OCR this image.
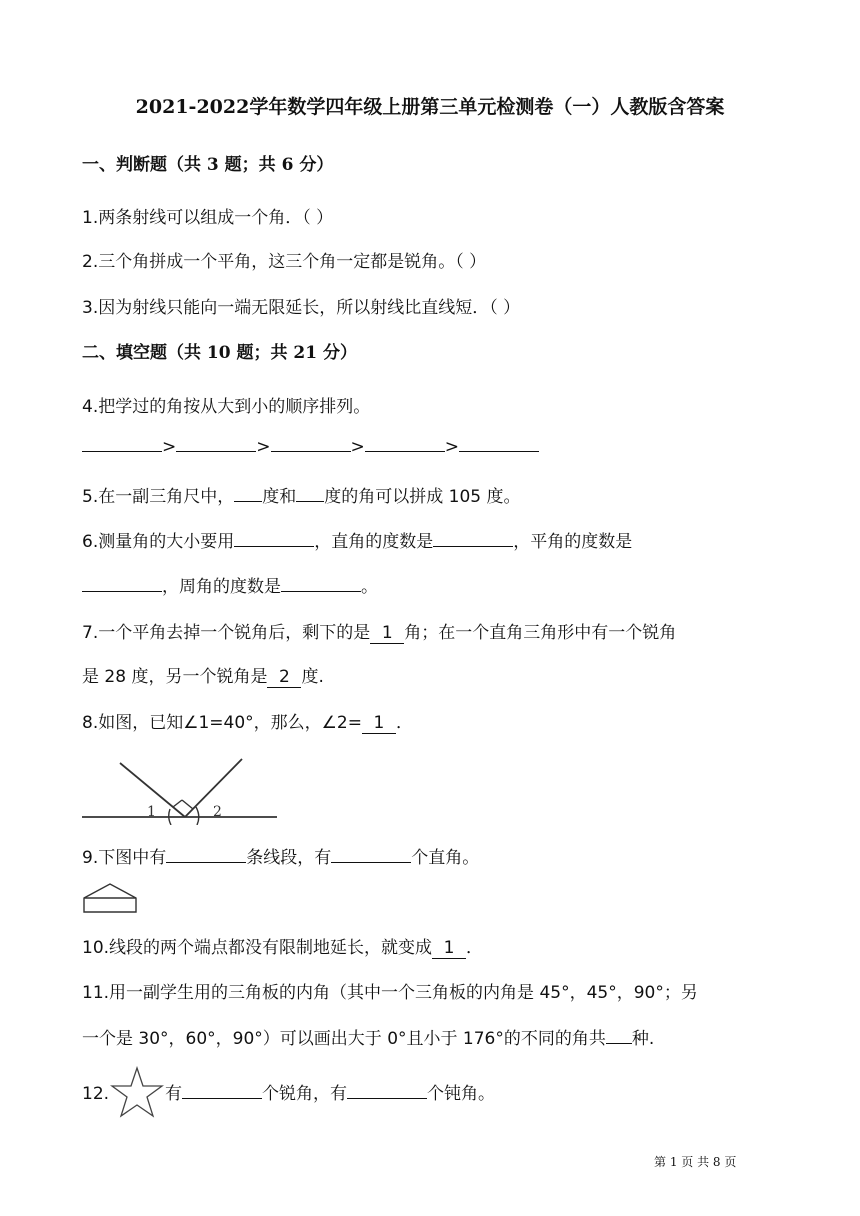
2021-2022学年数学四年级上册第三单元检测卷（一）人教版含答案
一、判断题（共 3 题；共 6 分）
1.两条射线可以组成一个角．（ ）
2.三个角拼成一个平角，这三个角一定都是锐角。（ ）
3.因为射线只能向一端无限延长，所以射线比直线短．（ ）
二、填空题（共 10 题；共 21 分）
4.把学过的角按从大到小的顺序排列。
>	>	>	>
5.在一副三角尺中， 度和 度的角可以拼成 105 度。
6.测量角的大小要用	，直角的度数是	，平角的度数是
，周角的度数是	。
7.一个平角去掉一个锐角后，剩下的是 1 角；在一个直角三角形中有一个锐角
是 28 度，另一个锐角是 2 度.
8.如图，已知∠1=40°，那么，∠2= 1 ．
1	2
9.下图中有	条线段，有	个直角。
10.线段的两个端点都没有限制地延长，就变成 1 ．
11.用一副学生用的三角板的内角（其中一个三角板的内角是 45°，45°，90°；另
一个是 30°，60°，90°）可以画出大于 0°且小于 176°的不同的角共 种.
12.	有	个锐角，有	个钝角。
第 1 页 共 8 页
